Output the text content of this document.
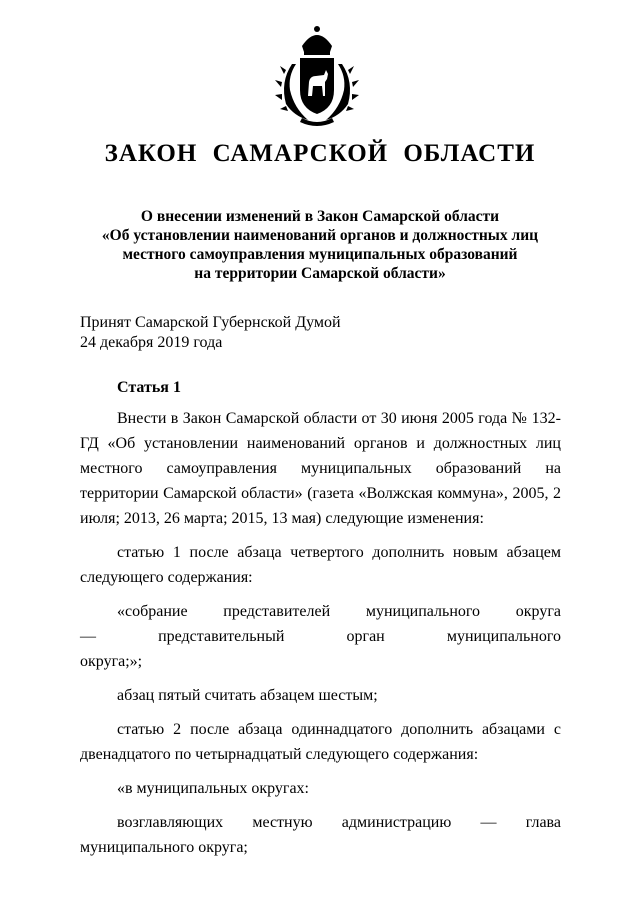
ЗАКОН САМАРСКОЙ ОБЛАСТИ
О внесении изменений в Закон Самарской области
«Об установлении наименований органов и должностных лиц
местного самоуправления муниципальных образований
на территории Самарской области»
Принят Самарской Губернской Думой
24 декабря 2019 года
Статья 1

Внести в Закон Самарской области от 30 июня 2005 года № 132-ГД «Об установлении наименований органов и должностных лиц местного самоуправления муниципальных образований на территории Самарской области» (газета «Волжская коммуна», 2005, 2 июля; 2013, 26 марта; 2015, 13 мая) следующие изменения:

статью 1 после абзаца четвертого дополнить новым абзацем следующего содержания:

«собрание представителей муниципального округа — представительный орган муниципального округа;»;

абзац пятый считать абзацем шестым;

статью 2 после абзаца одиннадцатого дополнить абзацами с двенадцатого по четырнадцатый следующего содержания:

«в муниципальных округах:

возглавляющих местную администрацию — глава муниципального округа;
